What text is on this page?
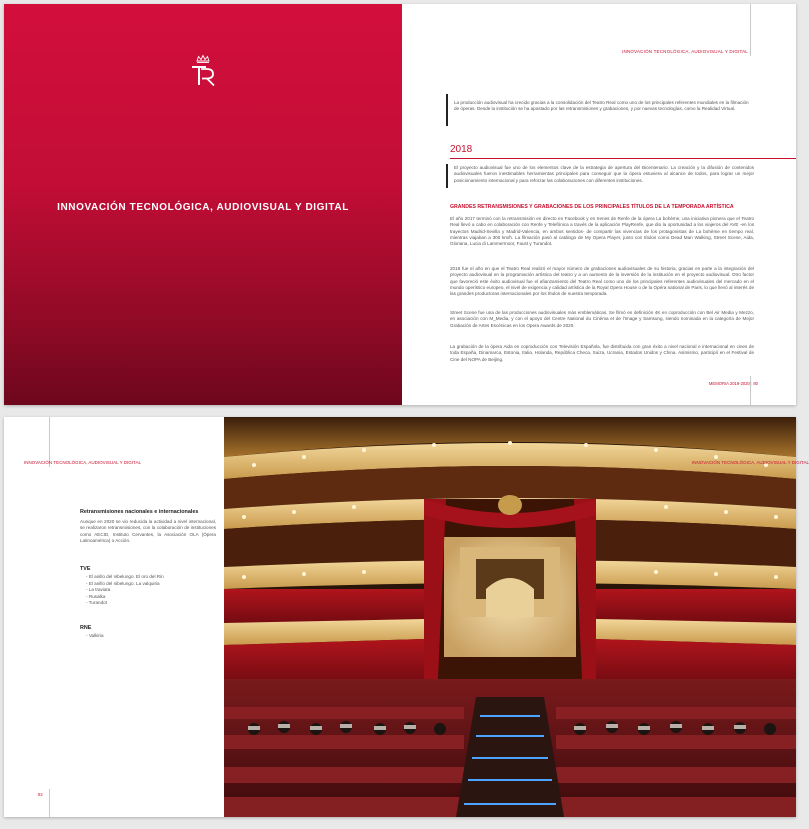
INNOVACIÓN TECNOLÓGICA, AUDIOVISUAL Y DIGITAL
INNOVACIÓN TECNOLÓGICA, AUDIOVISUAL Y DIGITAL

La producción audiovisual ha crecido gracias a la consolidación del Teatro Real como uno de los principales referentes mundiales en la filmación de óperas. Desde la institución se ha apostado por las retransmisiones y grabaciones, y por nuevas tecnologías, como la Realidad Virtual.

2018

El proyecto audiovisual fue uno de los elementos clave de la estrategia de apertura del Bicentenario. La creación y la difusión de contenidos audiovisuales fueron inestimables herramientas principales para conseguir que la ópera estuviera al alcance de todos, para lograr un mejor posicionamiento internacional y para reforzar las colaboraciones con diferentes instituciones.

GRANDES RETRANSMISIONES Y GRABACIONES DE LOS PRINCIPALES TÍTULOS DE LA TEMPORADA ARTÍSTICA

El año 2017 terminó con la retransmisión en directo en Facebook y en trenes de Renfe de la ópera La bohème, una iniciativa pionera que el Teatro Real llevó a cabo en colaboración con Renfe y Telefónica a través de la aplicación PlayRenfe, que dio la oportunidad a los viajeros del AVE -en los trayectos Madrid-Sevilla y Madrid-Valencia, en ambos sentidos- de compartir las vivencias de los protagonistas de La bohème en tiempo real, mientras viajaban a 300 km/h. La filmación pasó al catálogo de My Opera Player, junto con títulos como Dead Man Walking, Street Scene, Aida, Gloriana, Lucia di Lammermoor, Faust y Turandot.

2018 fue el año en que el Teatro Real realizó el mayor número de grabaciones audiovisuales de su historia, gracias en parte a la integración del proyecto audiovisual en la programación artística del teatro y a un aumento de la inversión de la institución en el proyecto audiovisual. Otro factor que favoreció este éxito audiovisual fue el afianzamiento del Teatro Real como uno de los principales referentes audiovisuales del mercado en el mundo operístico europeo, el nivel de exigencia y calidad artística de la Royal Opera House o de la Opéra national de Paris, lo que llevó al interés de las grandes productoras internacionales por los títulos de nuestra temporada.

Street Scene fue una de las producciones audiovisuales más emblemáticas. Se filmó en definición 4K en coproducción con Bel Air Media y Mezzo, en asociación con M_Media, y con el apoyo del Centre National du Cinéma et de l'Image y Samsung, siendo nominada en la categoría de Mejor Grabación de Artes Escénicas en los Opera Awards de 2020.

La grabación de la ópera Aida en coproducción con Televisión Española, fue distribuida con gran éxito a nivel nacional e internacional en cines de toda España, Dinamarca, Estonia, Italia, Holanda, República Checa, Suiza, Ucrania, Estados Unidos y China. Asimismo, participó en el Festival de Cine del NOPA de Beijing.

MEMORIA 2019-2020 | 80
INNOVACIÓN TECNOLÓGICA, AUDIOVISUAL Y DIGITAL
Retransmisiones nacionales e internacionales

Aunque en 2020 se vio reducida la actividad a nivel internacional, se realizaron retransmisiones, con la colaboración de instituciones como AECID, Instituto Cervantes, la Asociación OLA (Ópera Latinoamérica) o Acción.

TVE
- El anillo del nibelungo. El oro del Rin
- El anillo del nibelungo. La valquiria
- La traviata
- Rusalka
- Turandot
RNE
- Valkiria
82
INNOVACIÓN TECNOLÓGICA, AUDIOVISUAL Y DIGITAL
